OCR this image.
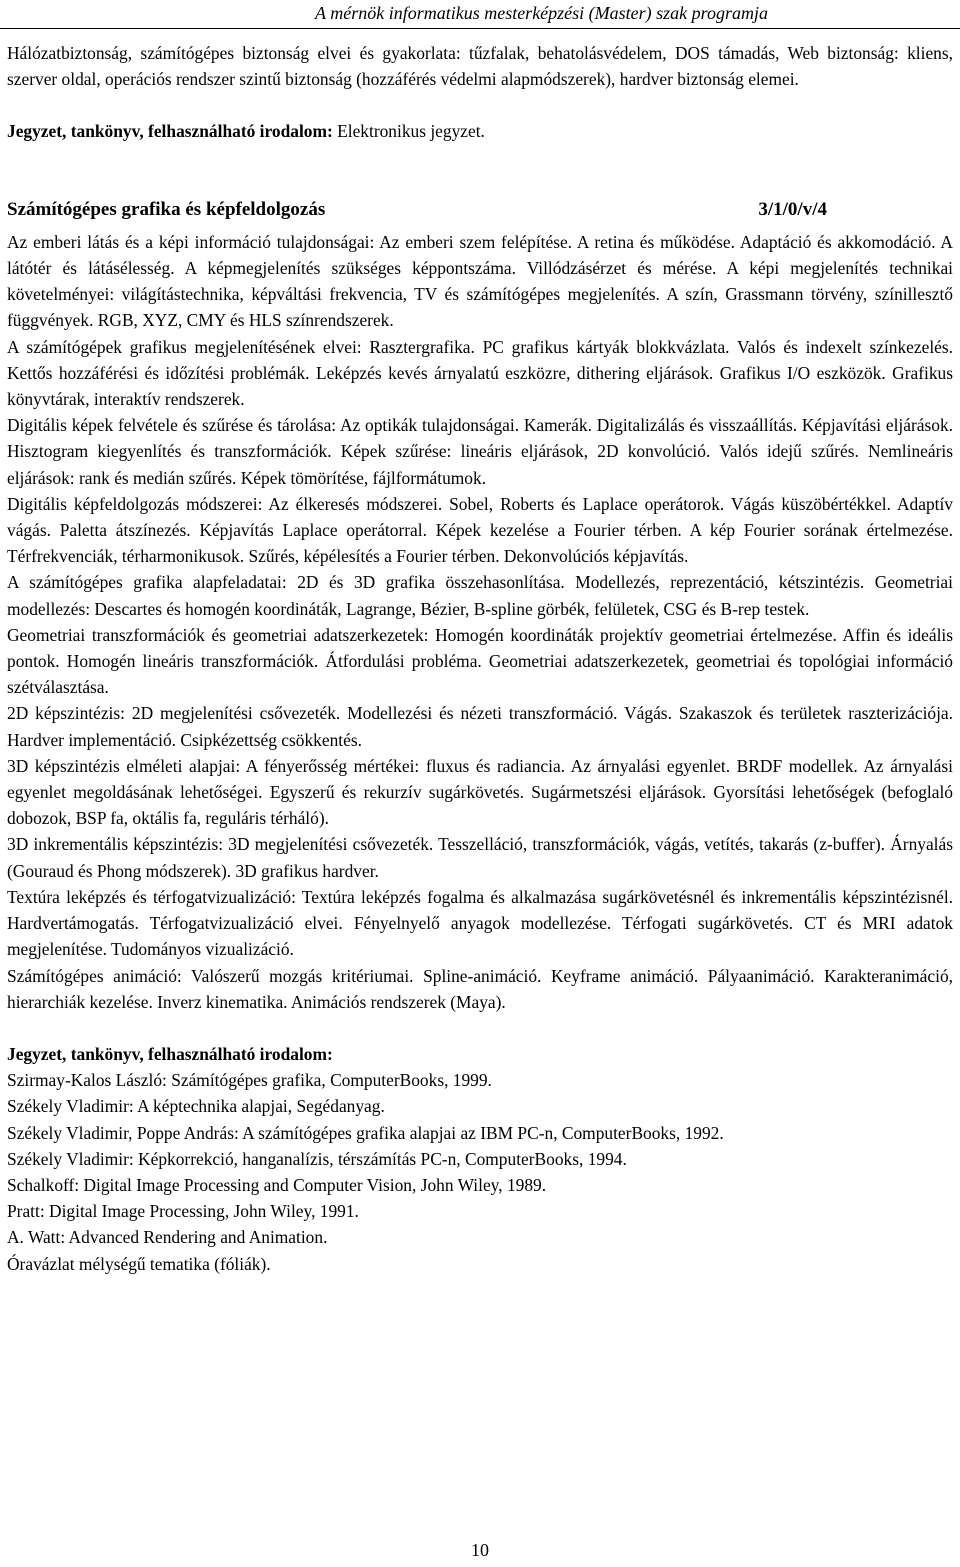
A mérnök informatikus mesterképzési (Master) szak programja

Hálózatbiztonság, számítógépes biztonság elvei és gyakorlata: tűzfalak, behatolásvédelem, DOS támadás, Web biztonság: kliens, szerver oldal, operációs rendszer szintű biztonság (hozzáférés védelmi alapmódszerek), hardver biztonság elemei.

Jegyzet, tankönyv, felhasználható irodalom: Elektronikus jegyzet.

Számítógépes grafika és képfeldolgozás	3/1/0/v/4

Az emberi látás és a képi információ tulajdonságai: Az emberi szem felépítése. A retina és működése. Adaptáció és akkomodáció. A látótér és látásélesség. A képmegjelenítés szükséges képpontszáma. Villódzásérzet és mérése. A képi megjelenítés technikai követelményei: világítástechnika, képváltási frekvencia, TV és számítógépes megjelenítés. A szín, Grassmann törvény, színillesztő függvények. RGB, XYZ, CMY és HLS színrendszerek.

A számítógépek grafikus megjelenítésének elvei: Rasztergrafika. PC grafikus kártyák blokkvázlata. Valós és indexelt színkezelés. Kettős hozzáférési és időzítési problémák. Leképzés kevés árnyalatú eszközre, dithering eljárások. Grafikus I/O eszközök. Grafikus könyvtárak, interaktív rendszerek.

Digitális képek felvétele és szűrése és tárolása: Az optikák tulajdonságai. Kamerák. Digitalizálás és visszaállítás. Képjavítási eljárások. Hisztogram kiegyenlítés és transzformációk. Képek szűrése: lineáris eljárások, 2D konvolúció. Valós idejű szűrés. Nemlineáris eljárások: rank és medián szűrés. Képek tömörítése, fájlformátumok.

Digitális képfeldolgozás módszerei: Az élkeresés módszerei. Sobel, Roberts és Laplace operátorok. Vágás küszöbértékkel. Adaptív vágás. Paletta átszínezés. Képjavítás Laplace operátorral. Képek kezelése a Fourier térben. A kép Fourier sorának értelmezése. Térfrekvenciák, térharmonikusok. Szűrés, képélesítés a Fourier térben. Dekonvolúciós képjavítás.

A számítógépes grafika alapfeladatai: 2D és 3D grafika összehasonlítása. Modellezés, reprezentáció, kétszintézis. Geometriai modellezés: Descartes és homogén koordináták, Lagrange, Bézier, B-spline görbék, felületek, CSG és B-rep testek.

Geometriai transzformációk és geometriai adatszerkezetek: Homogén koordináták projektív geometriai értelmezése. Affin és ideális pontok. Homogén lineáris transzformációk. Átfordulási probléma. Geometriai adatszerkezetek, geometriai és topológiai információ szétválasztása.

2D képszintézis: 2D megjelenítési csővezeték. Modellezési és nézeti transzformáció. Vágás. Szakaszok és területek raszterizációja. Hardver implementáció. Csipkézettség csökkentés.

3D képszintézis elméleti alapjai: A fényerősség mértékei: fluxus és radiancia. Az árnyalási egyenlet. BRDF modellek. Az árnyalási egyenlet megoldásának lehetőségei. Egyszerű és rekurzív sugárkövetés. Sugármetszési eljárások. Gyorsítási lehetőségek (befoglaló dobozok, BSP fa, oktális fa, reguláris térháló).

3D inkrementális képszintézis: 3D megjelenítési csővezeték. Tesszelláció, transzformációk, vágás, vetítés, takarás (z-buffer). Árnyalás (Gouraud és Phong módszerek). 3D grafikus hardver.

Textúra leképzés és térfogatvizualizáció: Textúra leképzés fogalma és alkalmazása sugárkövetésnél és inkrementális képszintézisnél. Hardvertámogatás. Térfogatvizualizáció elvei. Fényelnyelő anyagok modellezése. Térfogati sugárkövetés. CT és MRI adatok megjelenítése. Tudományos vizualizáció.

Számítógépes animáció: Valószerű mozgás kritériumai. Spline-animáció. Keyframe animáció. Pályaanimáció. Karakteranimáció, hierarchiák kezelése. Inverz kinematika. Animációs rendszerek (Maya).

Jegyzet, tankönyv, felhasználható irodalom:

Szirmay-Kalos László: Számítógépes grafika, ComputerBooks, 1999.

Székely Vladimir: A képtechnika alapjai, Segédanyag.

Székely Vladimir, Poppe András: A számítógépes grafika alapjai az IBM PC-n, ComputerBooks, 1992.

Székely Vladimir: Képkorrekció, hanganalízis, térszámítás PC-n, ComputerBooks, 1994.

Schalkoff: Digital Image Processing and Computer Vision, John Wiley, 1989.

Pratt: Digital Image Processing, John Wiley, 1991.

A. Watt: Advanced Rendering and Animation.

Óravázlat mélységű tematika (fóliák).

10
